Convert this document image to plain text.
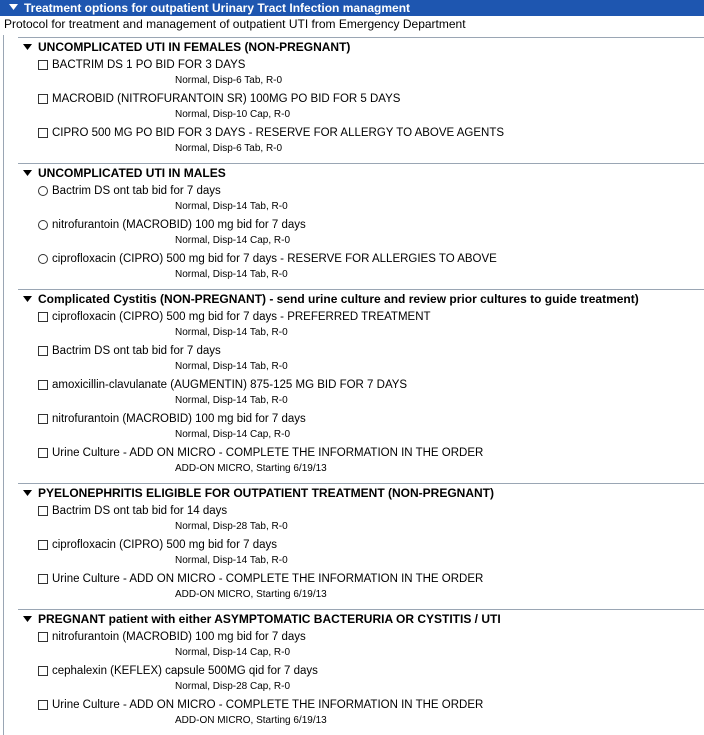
Treatment options for outpatient Urinary Tract Infection managment
Protocol for treatment and management of outpatient UTI from Emergency Department
UNCOMPLICATED UTI IN FEMALES (NON-PREGNANT)
BACTRIM DS 1 PO BID FOR 3 DAYS
Normal, Disp-6 Tab, R-0
MACROBID (NITROFURANTOIN SR) 100MG PO BID FOR 5 DAYS
Normal, Disp-10 Cap, R-0
CIPRO 500 MG PO BID FOR 3 DAYS - RESERVE FOR ALLERGY TO ABOVE AGENTS
Normal, Disp-6 Tab, R-0
UNCOMPLICATED UTI IN MALES
Bactrim DS ont tab bid for 7 days
Normal, Disp-14 Tab, R-0
nitrofurantoin (MACROBID) 100 mg bid for 7 days
Normal, Disp-14 Cap, R-0
ciprofloxacin (CIPRO) 500 mg bid for 7 days - RESERVE FOR ALLERGIES TO ABOVE
Normal, Disp-14 Tab, R-0
Complicated Cystitis (NON-PREGNANT) - send urine culture and review prior cultures to guide treatment)
ciprofloxacin (CIPRO) 500 mg bid for 7 days - PREFERRED TREATMENT
Normal, Disp-14 Tab, R-0
Bactrim DS ont tab bid for 7 days
Normal, Disp-14 Tab, R-0
amoxicillin-clavulanate (AUGMENTIN) 875-125 MG BID FOR 7 DAYS
Normal, Disp-14 Tab, R-0
nitrofurantoin (MACROBID) 100 mg bid for 7 days
Normal, Disp-14 Cap, R-0
Urine Culture - ADD ON MICRO - COMPLETE THE INFORMATION IN THE ORDER
ADD-ON MICRO, Starting 6/19/13
PYELONEPHRITIS ELIGIBLE FOR OUTPATIENT TREATMENT (NON-PREGNANT)
Bactrim DS ont tab bid for 14 days
Normal, Disp-28 Tab, R-0
ciprofloxacin (CIPRO) 500 mg bid for 7 days
Normal, Disp-14 Tab, R-0
Urine Culture - ADD ON MICRO - COMPLETE THE INFORMATION IN THE ORDER
ADD-ON MICRO, Starting 6/19/13
PREGNANT patient with either ASYMPTOMATIC BACTERURIA OR CYSTITIS / UTI
nitrofurantoin (MACROBID) 100 mg bid for 7 days
Normal, Disp-14 Cap, R-0
cephalexin (KEFLEX) capsule 500MG qid for 7 days
Normal, Disp-28 Cap, R-0
Urine Culture - ADD ON MICRO - COMPLETE THE INFORMATION IN THE ORDER
ADD-ON MICRO, Starting 6/19/13
